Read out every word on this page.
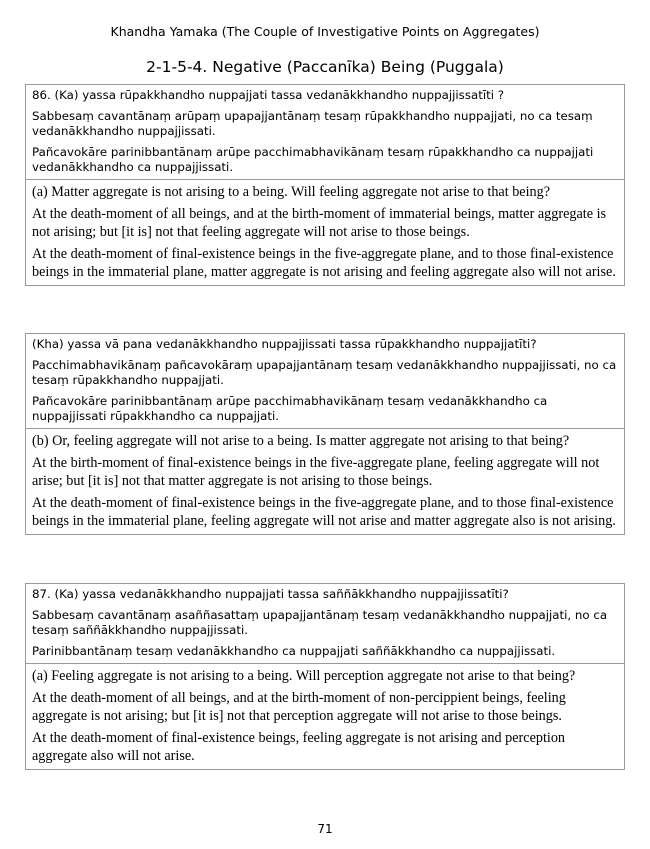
Khandha Yamaka (The Couple of Investigative Points on Aggregates)
2-1-5-4. Negative (Paccanīka) Being (Puggala)

86. (Ka) yassa rūpakkhandho nuppajjati tassa vedanākkhandho nuppajjissatīti ?

Sabbesaṃ cavantānaṃ arūpaṃ upapajjantānaṃ tesaṃ rūpakkhandho nuppajjati, no ca tesaṃ vedanākkhandho nuppajjissati.

Pañcavokāre parinibbantānaṃ arūpe pacchimabhavikānaṃ tesaṃ rūpakkhandho ca nuppajjati vedanākkhandho ca nuppajjissati.

(a) Matter aggregate is not arising to a being. Will feeling aggregate not arise to that being?

At the death-moment of all beings, and at the birth-moment of immaterial beings, matter aggregate is not arising; but [it is] not that feeling aggregate will not arise to those beings.

At the death-moment of final-existence beings in the five-aggregate plane, and to those final-existence beings in the immaterial plane, matter aggregate is not arising and feeling aggregate also will not arise.

(Kha) yassa vā pana vedanākkhandho nuppajjissati tassa rūpakkhandho nuppajjatīti?

Pacchimabhavikānaṃ pañcavokāraṃ upapajjantānaṃ tesaṃ vedanākkhandho nuppajjissati, no ca tesaṃ rūpakkhandho nuppajjati.

Pañcavokāre parinibbantānaṃ arūpe pacchimabhavikānaṃ tesaṃ vedanākkhandho ca nuppajjissati rūpakkhandho ca nuppajjati.

(b) Or, feeling aggregate will not arise to a being. Is matter aggregate not arising to that being?

At the birth-moment of final-existence beings in the five-aggregate plane, feeling aggregate will not arise; but [it is] not that matter aggregate is not arising to those beings.

At the death-moment of final-existence beings in the five-aggregate plane, and to those final-existence beings in the immaterial plane, feeling aggregate will not arise and matter aggregate also is not arising.

87. (Ka) yassa vedanākkhandho nuppajjati tassa saññākkhandho nuppajjissatīti?

Sabbesaṃ cavantānaṃ asaññasattaṃ upapajjantānaṃ tesaṃ vedanākkhandho nuppajjati, no ca tesaṃ saññākkhandho nuppajjissati.

Parinibbantānaṃ tesaṃ vedanākkhandho ca nuppajjati saññākkhandho ca nuppajjissati.

(a) Feeling aggregate is not arising to a being. Will perception aggregate not arise to that being?

At the death-moment of all beings, and at the birth-moment of non-percippient beings, feeling aggregate is not arising; but [it is] not that perception aggregate will not arise to those beings.

At the death-moment of final-existence beings, feeling aggregate is not arising and perception aggregate also will not arise.

71
